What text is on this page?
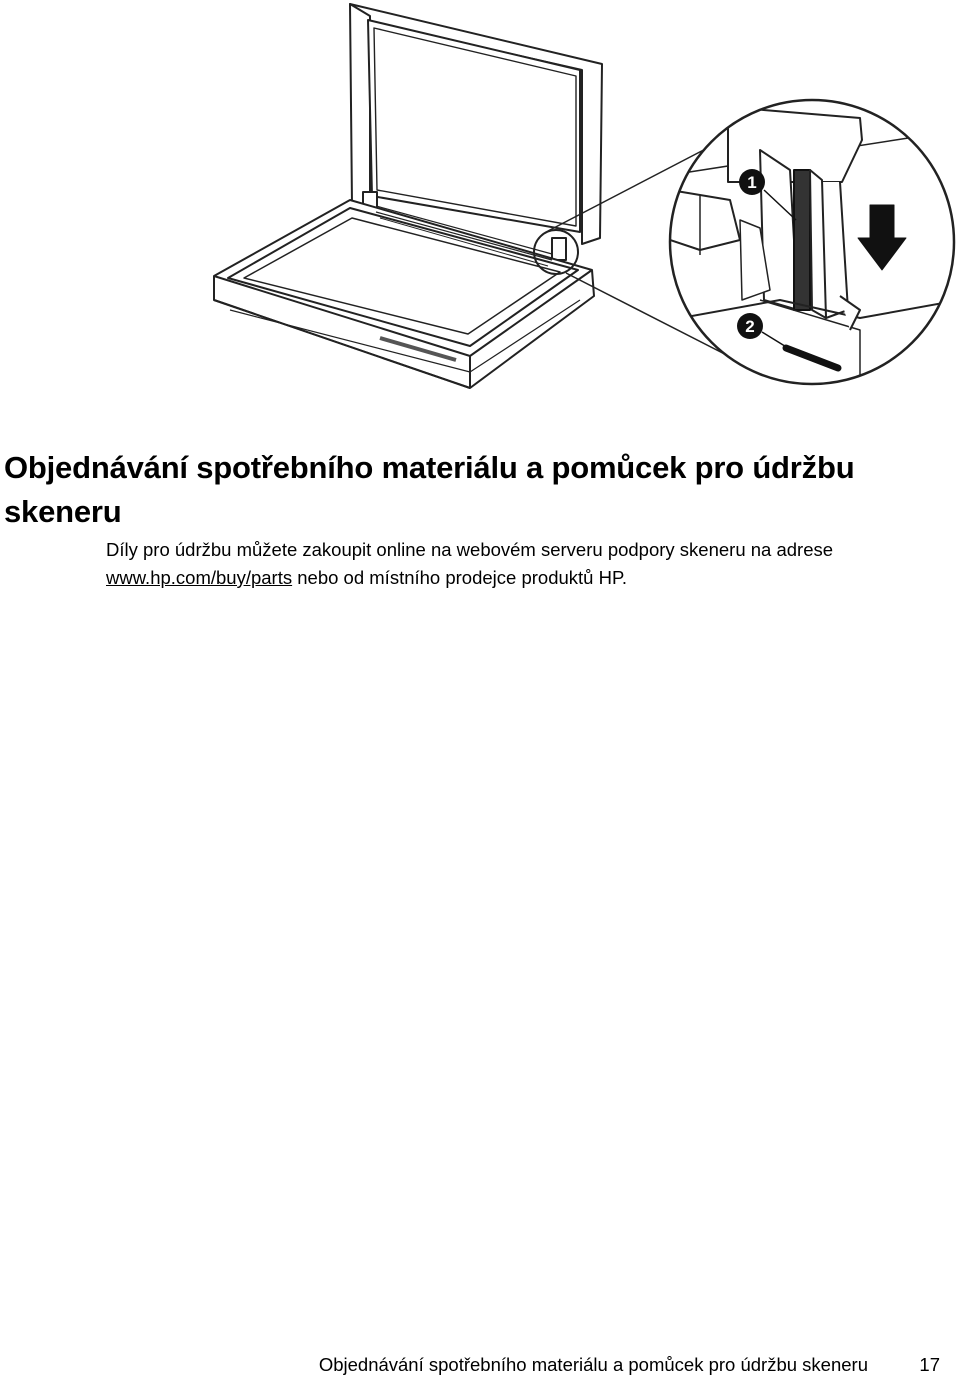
1
2
Objednávání spotřebního materiálu a pomůcek pro údržbu skeneru

Díly pro údržbu můžete zakoupit online na webovém serveru podpory skeneru na adrese www.hp.com/buy/parts nebo od místního prodejce produktů HP.

Objednávání spotřebního materiálu a pomůcek pro údržbu skeneru	17
